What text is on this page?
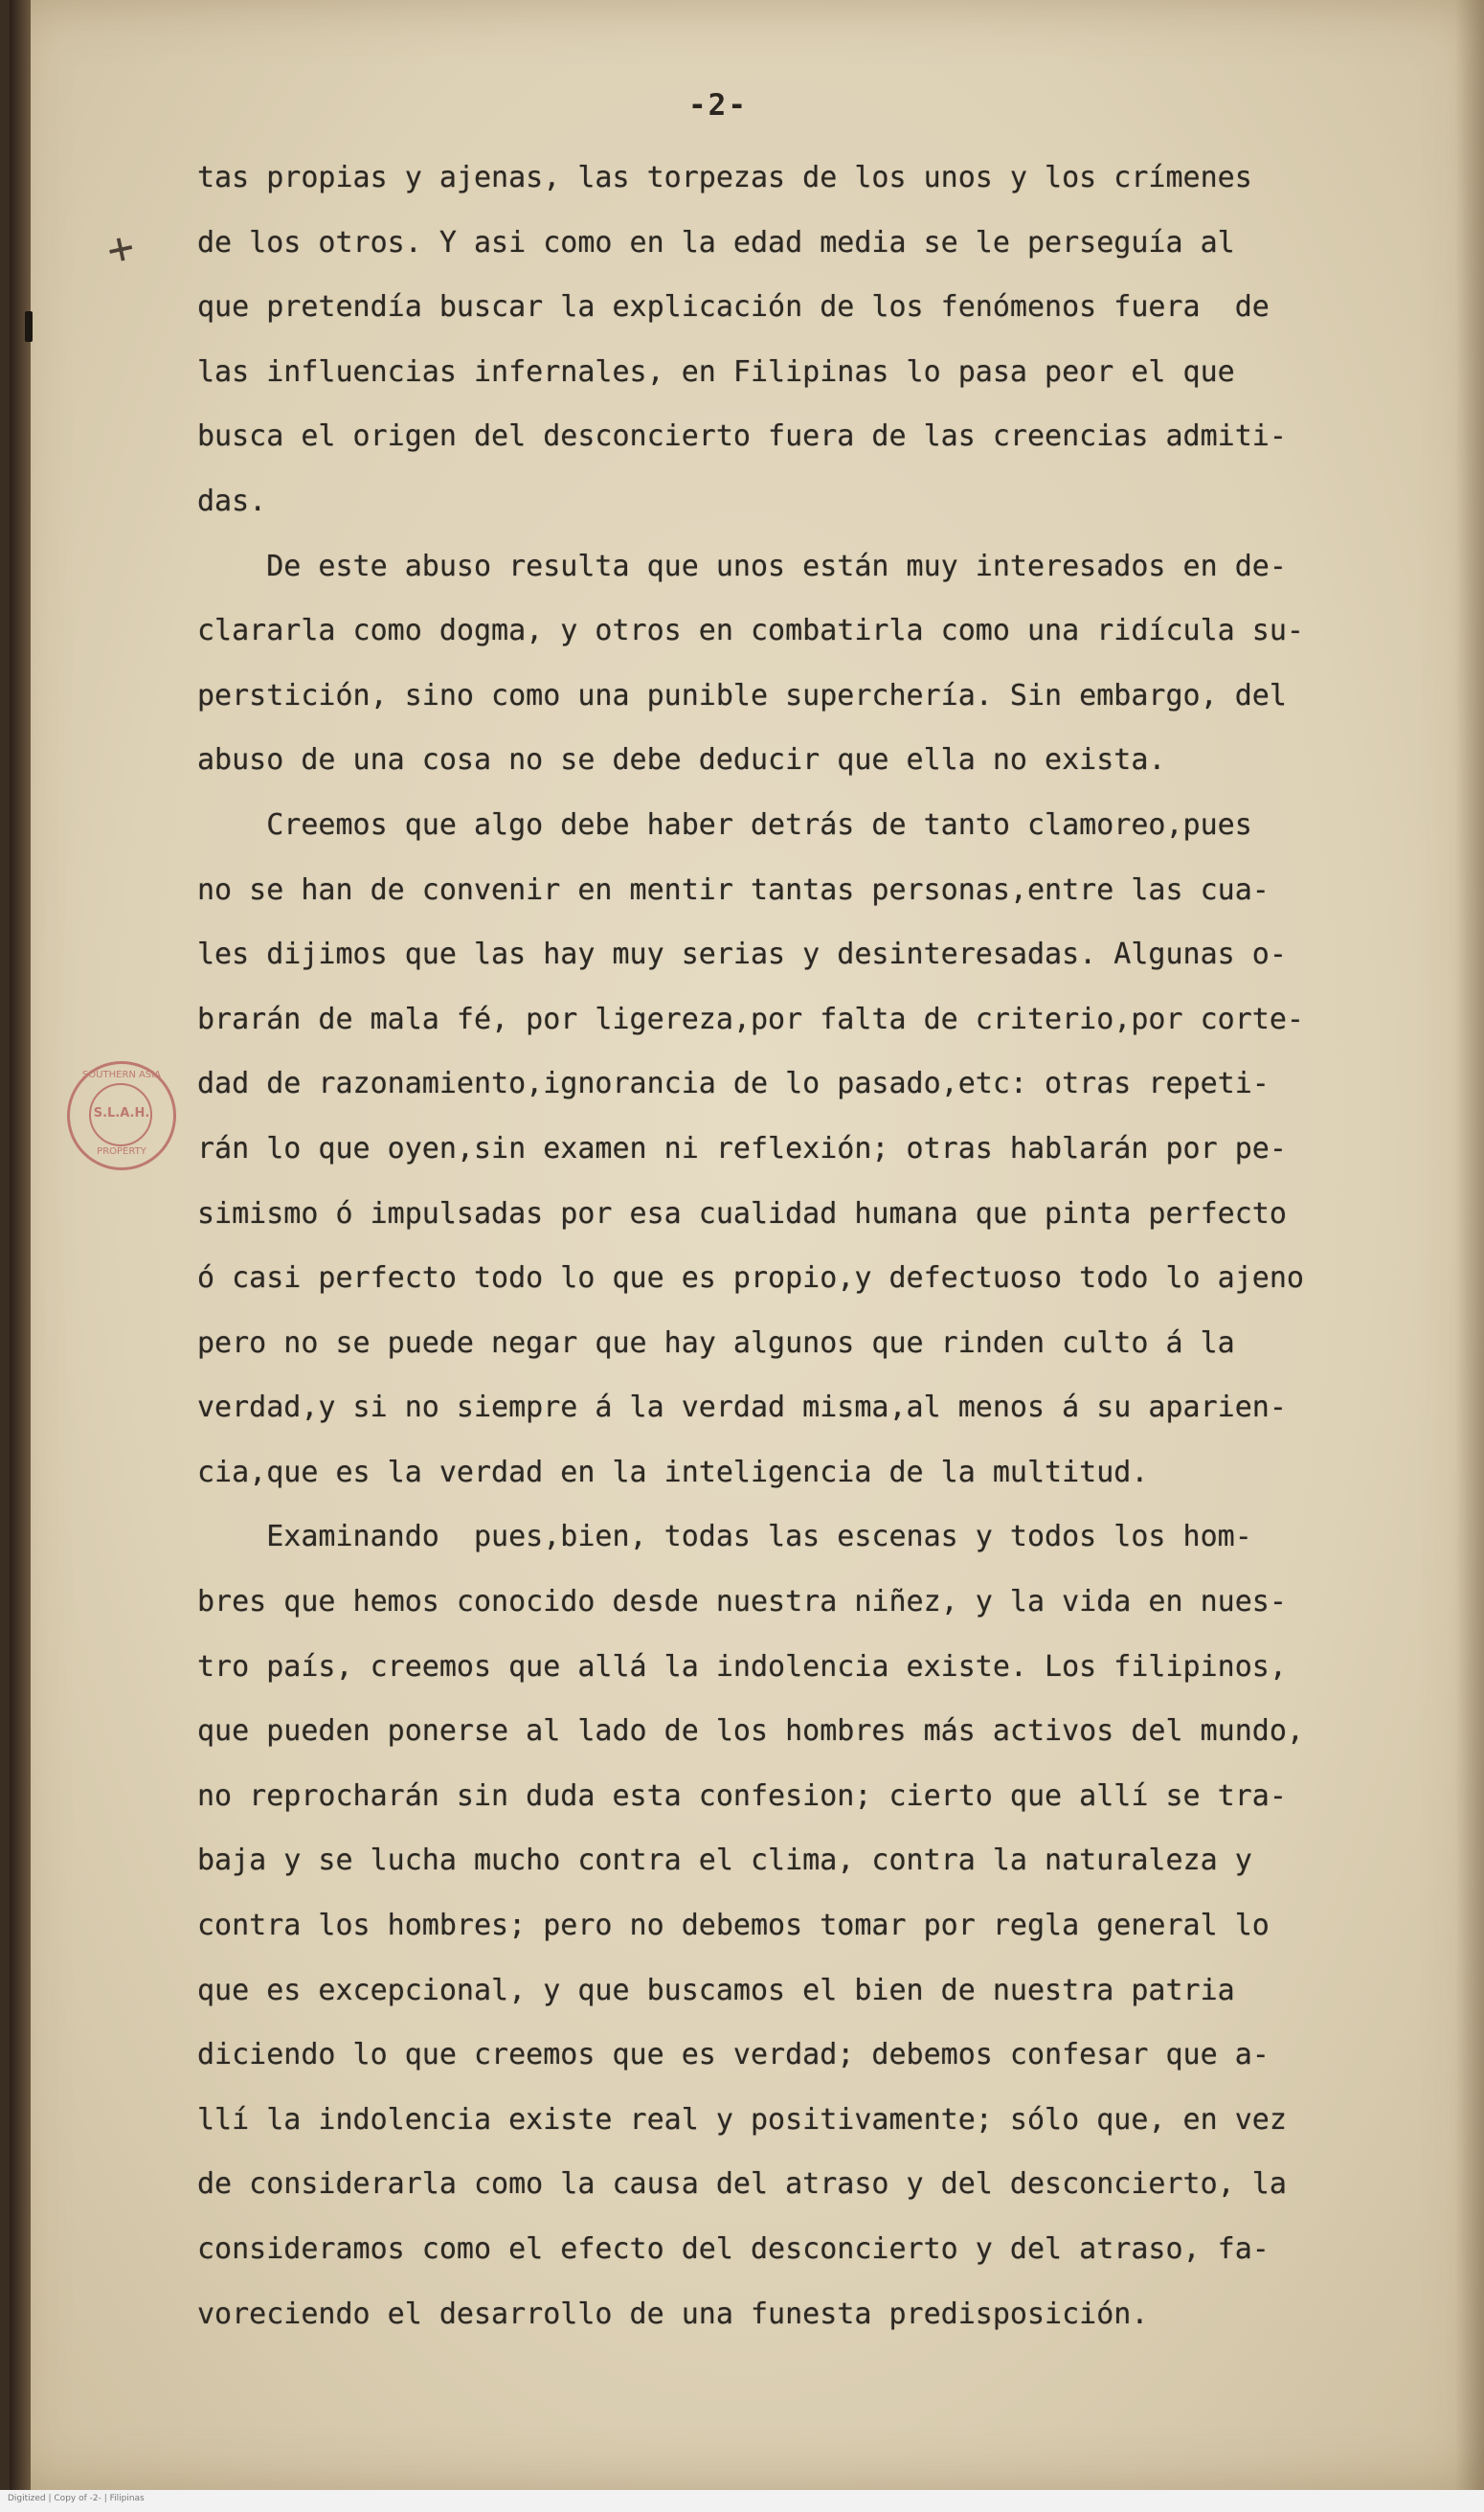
-2-
+
SOUTHERN ASIA
S.L.A.H.
PROPERTY
tas propias y ajenas, las torpezas de los unos y los crímenes
de los otros. Y asi como en la edad media se le perseguía al
que pretendía buscar la explicación de los fenómenos fuera  de
las influencias infernales, en Filipinas lo pasa peor el que
busca el origen del desconcierto fuera de las creencias admiti-
das.
De este abuso resulta que unos están muy interesados en de-
clararla como dogma, y otros en combatirla como una ridícula su-
perstición, sino como una punible superchería. Sin embargo, del
abuso de una cosa no se debe deducir que ella no exista.
Creemos que algo debe haber detrás de tanto clamoreo,pues
no se han de convenir en mentir tantas personas,entre las cua-
les dijimos que las hay muy serias y desinteresadas. Algunas o-
brarán de mala fé, por ligereza,por falta de criterio,por corte-
dad de razonamiento,ignorancia de lo pasado,etc: otras repeti-
rán lo que oyen,sin examen ni reflexión; otras hablarán por pe-
simismo ó impulsadas por esa cualidad humana que pinta perfecto
ó casi perfecto todo lo que es propio,y defectuoso todo lo ajeno
pero no se puede negar que hay algunos que rinden culto á la
verdad,y si no siempre á la verdad misma,al menos á su aparien-
cia,que es la verdad en la inteligencia de la multitud.
Examinando  pues,bien, todas las escenas y todos los hom-
bres que hemos conocido desde nuestra niñez, y la vida en nues-
tro país, creemos que allá la indolencia existe. Los filipinos,
que pueden ponerse al lado de los hombres más activos del mundo,
no reprocharán sin duda esta confesion; cierto que allí se tra-
baja y se lucha mucho contra el clima, contra la naturaleza y
contra los hombres; pero no debemos tomar por regla general lo
que es excepcional, y que buscamos el bien de nuestra patria
diciendo lo que creemos que es verdad; debemos confesar que a-
llí la indolencia existe real y positivamente; sólo que, en vez
de considerarla como la causa del atraso y del desconcierto, la
consideramos como el efecto del desconcierto y del atraso, fa-
voreciendo el desarrollo de una funesta predisposición.
Digitized | Copy of -2- | Filipinas
